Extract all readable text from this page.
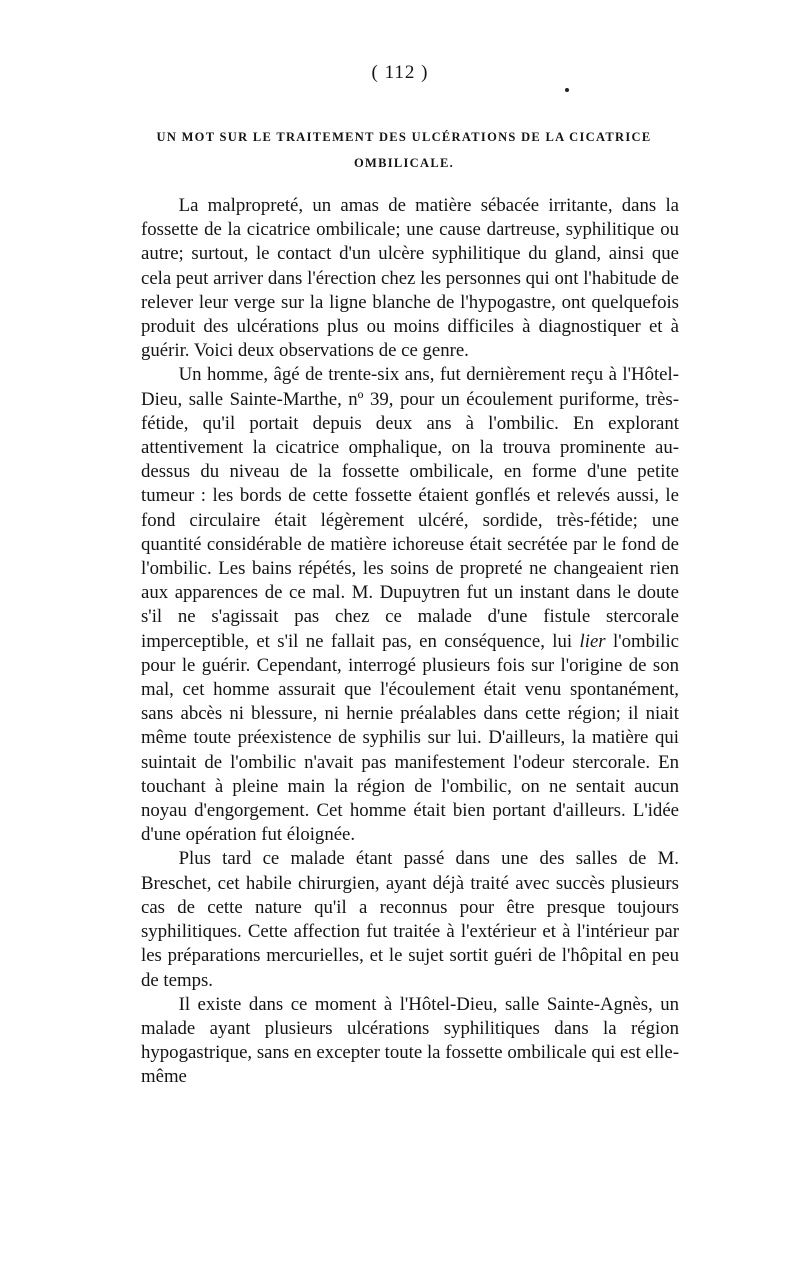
( 112 )
UN MOT SUR LE TRAITEMENT DES ULCÉRATIONS DE LA CICATRICE OMBILICALE.

La malpropreté, un amas de matière sébacée irritante, dans la fossette de la cicatrice ombilicale; une cause dartreuse, syphilitique ou autre; surtout, le contact d'un ulcère syphilitique du gland, ainsi que cela peut arriver dans l'érection chez les personnes qui ont l'habitude de relever leur verge sur la ligne blanche de l'hypogastre, ont quelquefois produit des ulcérations plus ou moins difficiles à diagnostiquer et à guérir. Voici deux observations de ce genre.

Un homme, âgé de trente-six ans, fut dernièrement reçu à l'Hôtel-Dieu, salle Sainte-Marthe, nº 39, pour un écoulement puriforme, très-fétide, qu'il portait depuis deux ans à l'ombilic. En explorant attentivement la cicatrice omphalique, on la trouva prominente au-dessus du niveau de la fossette ombilicale, en forme d'une petite tumeur : les bords de cette fossette étaient gonflés et relevés aussi, le fond circulaire était légèrement ulcéré, sordide, très-fétide; une quantité considérable de matière ichoreuse était secrétée par le fond de l'ombilic. Les bains répétés, les soins de propreté ne changeaient rien aux apparences de ce mal. M. Dupuytren fut un instant dans le doute s'il ne s'agissait pas chez ce malade d'une fistule stercorale imperceptible, et s'il ne fallait pas, en conséquence, lui lier l'ombilic pour le guérir. Cependant, interrogé plusieurs fois sur l'origine de son mal, cet homme assurait que l'écoulement était venu spontanément, sans abcès ni blessure, ni hernie préalables dans cette région; il niait même toute préexistence de syphilis sur lui. D'ailleurs, la matière qui suintait de l'ombilic n'avait pas manifestement l'odeur stercorale. En touchant à pleine main la région de l'ombilic, on ne sentait aucun noyau d'engorgement. Cet homme était bien portant d'ailleurs. L'idée d'une opération fut éloignée.

Plus tard ce malade étant passé dans une des salles de M. Breschet, cet habile chirurgien, ayant déjà traité avec succès plusieurs cas de cette nature qu'il a reconnus pour être presque toujours syphilitiques. Cette affection fut traitée à l'extérieur et à l'intérieur par les préparations mercurielles, et le sujet sortit guéri de l'hôpital en peu de temps.

Il existe dans ce moment à l'Hôtel-Dieu, salle Sainte-Agnès, un malade ayant plusieurs ulcérations syphilitiques dans la région hypogastrique, sans en excepter toute la fossette ombilicale qui est elle-même
